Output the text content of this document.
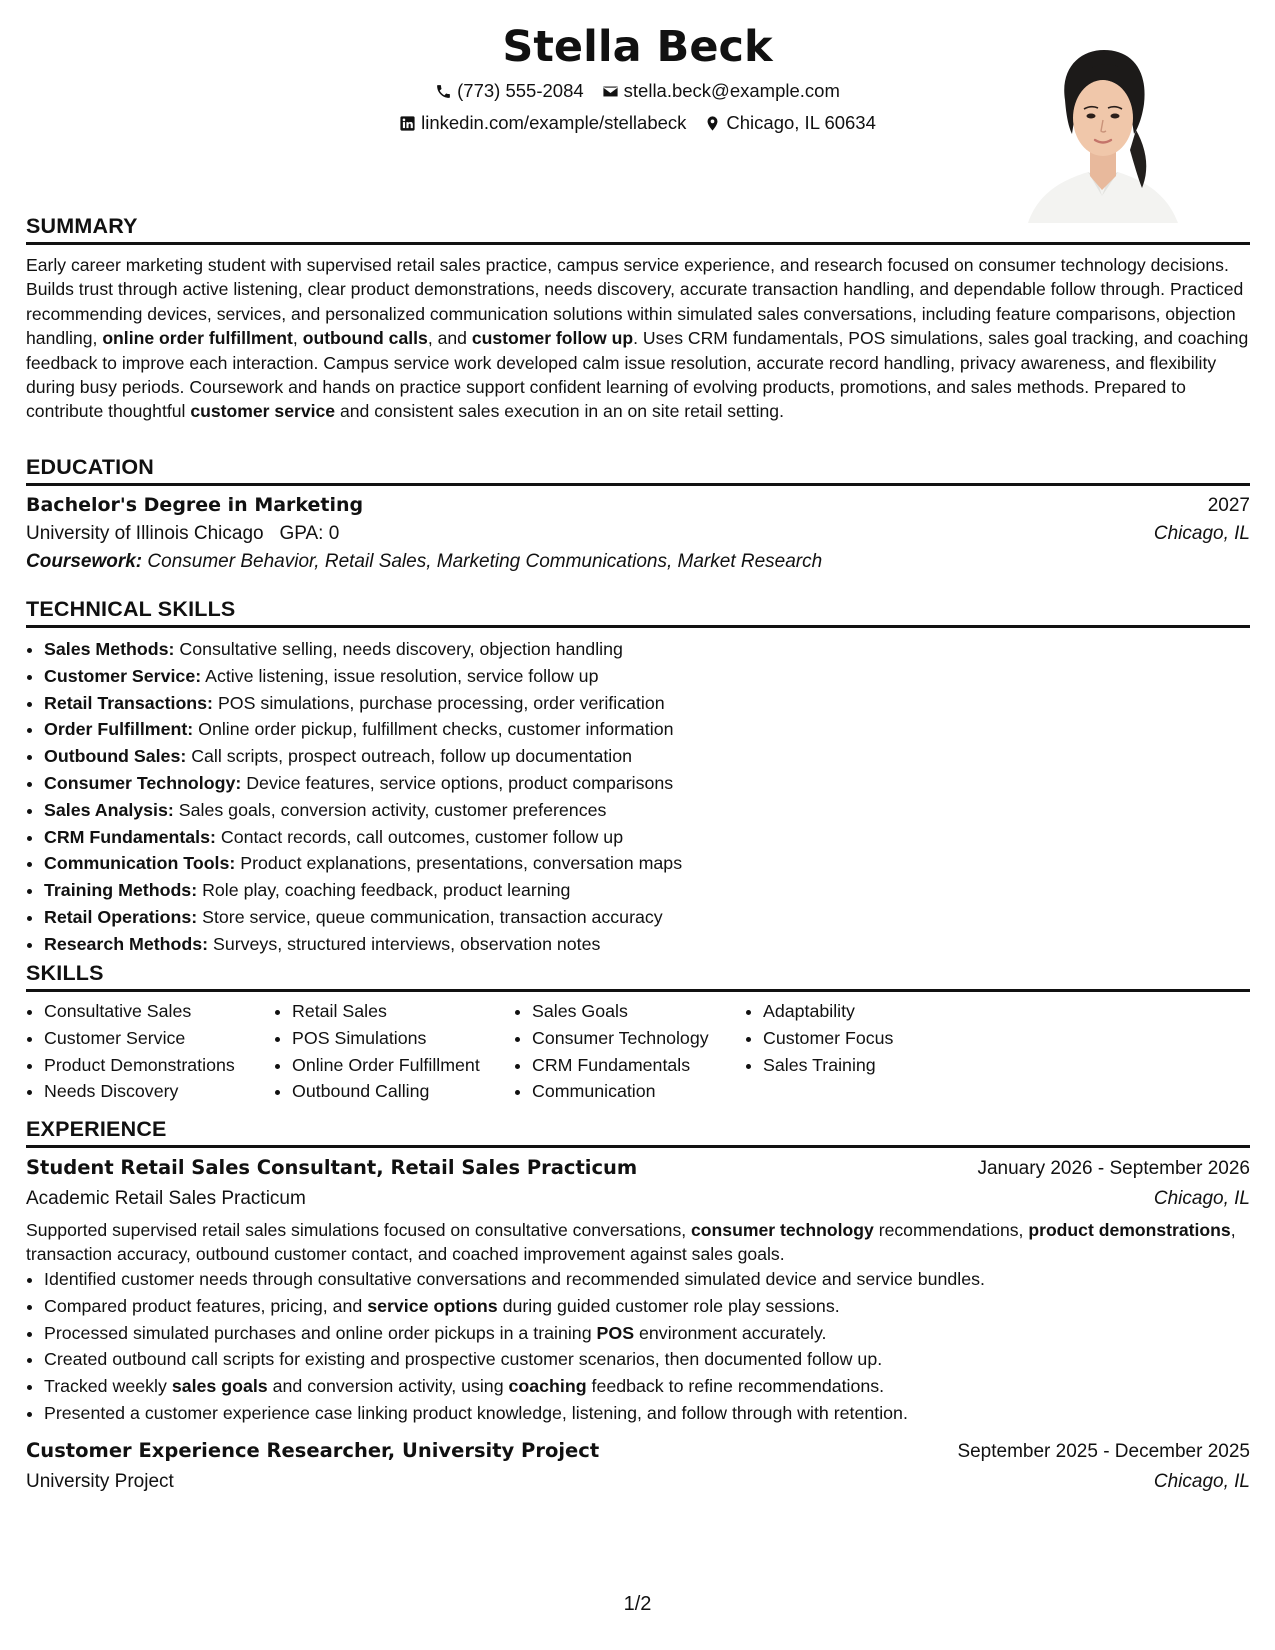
Stella Beck
(773) 555-2084 stella.beck@example.com
linkedin.com/example/stellabeck Chicago, IL 60634
SUMMARY
Early career marketing student with supervised retail sales practice, campus service experience, and research focused on consumer technology decisions. Builds trust through active listening, clear product demonstrations, needs discovery, accurate transaction handling, and dependable follow through. Practiced recommending devices, services, and personalized communication solutions within simulated sales conversations, including feature comparisons, objection handling, online order fulfillment, outbound calls, and customer follow up. Uses CRM fundamentals, POS simulations, sales goal tracking, and coaching feedback to improve each interaction. Campus service work developed calm issue resolution, accurate record handling, privacy awareness, and flexibility during busy periods. Coursework and hands on practice support confident learning of evolving products, promotions, and sales methods. Prepared to contribute thoughtful customer service and consistent sales execution in an on site retail setting.
EDUCATION
Bachelor's Degree in Marketing	2027
University of Illinois Chicago GPA: 0	Chicago, IL
Coursework: Consumer Behavior, Retail Sales, Marketing Communications, Market Research
TECHNICAL SKILLS
• Sales Methods: Consultative selling, needs discovery, objection handling
• Customer Service: Active listening, issue resolution, service follow up
• Retail Transactions: POS simulations, purchase processing, order verification
• Order Fulfillment: Online order pickup, fulfillment checks, customer information
• Outbound Sales: Call scripts, prospect outreach, follow up documentation
• Consumer Technology: Device features, service options, product comparisons
• Sales Analysis: Sales goals, conversion activity, customer preferences
• CRM Fundamentals: Contact records, call outcomes, customer follow up
• Communication Tools: Product explanations, presentations, conversation maps
• Training Methods: Role play, coaching feedback, product learning
• Retail Operations: Store service, queue communication, transaction accuracy
• Research Methods: Surveys, structured interviews, observation notes
SKILLS
• Consultative Sales
• Customer Service
• Product Demonstrations
• Needs Discovery
• Retail Sales
• POS Simulations
• Online Order Fulfillment
• Outbound Calling
• Sales Goals
• Consumer Technology
• CRM Fundamentals
• Communication
• Adaptability
• Customer Focus
• Sales Training
EXPERIENCE
Student Retail Sales Consultant, Retail Sales Practicum	January 2026 - September 2026
Academic Retail Sales Practicum	Chicago, IL
Supported supervised retail sales simulations focused on consultative conversations, consumer technology recommendations, product demonstrations, transaction accuracy, outbound customer contact, and coached improvement against sales goals.
• Identified customer needs through consultative conversations and recommended simulated device and service bundles.
• Compared product features, pricing, and service options during guided customer role play sessions.
• Processed simulated purchases and online order pickups in a training POS environment accurately.
• Created outbound call scripts for existing and prospective customer scenarios, then documented follow up.
• Tracked weekly sales goals and conversion activity, using coaching feedback to refine recommendations.
• Presented a customer experience case linking product knowledge, listening, and follow through with retention.
Customer Experience Researcher, University Project	September 2025 - December 2025
University Project	Chicago, IL
1/2
